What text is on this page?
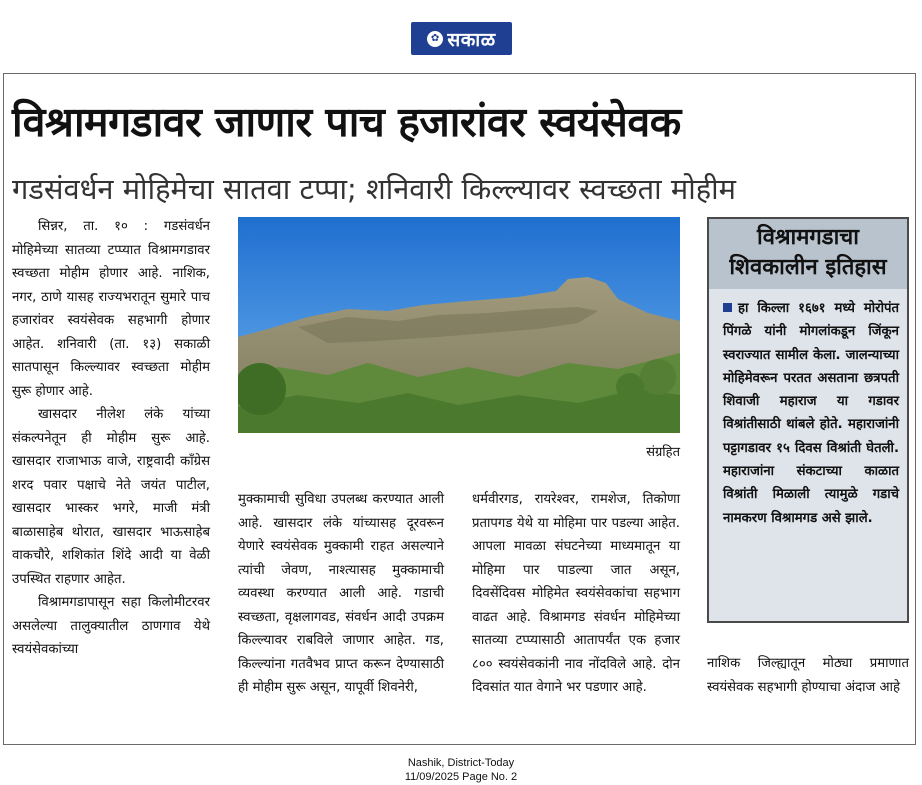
✿ सकाळ
विश्रामगडावर जाणार पाच हजारांवर स्वयंसेवक
गडसंवर्धन मोहिमेचा सातवा टप्पा; शनिवारी किल्ल्यावर स्वच्छता मोहीम

सिन्नर, ता. १० : गडसंवर्धन मोहिमेच्या सातव्या टप्प्यात विश्रामगडावर स्वच्छता मोहीम होणार आहे. नाशिक, नगर, ठाणे यासह राज्यभरातून सुमारे पाच हजारांवर स्वयंसेवक सहभागी होणार आहेत. शनिवारी (ता. १३) सकाळी सातपासून किल्ल्यावर स्वच्छता मोहीम सुरू होणार आहे.

खासदार नीलेश लंके यांच्या संकल्पनेतून ही मोहीम सुरू आहे. खासदार राजाभाऊ वाजे, राष्ट्रवादी कॉंग्रेस शरद पवार पक्षाचे नेते जयंत पाटील, खासदार भास्कर भगरे, माजी मंत्री बाळासाहेब थोरात, खासदार भाऊसाहेब वाकचौरे, शशिकांत शिंदे आदी या वेळी उपस्थित राहणार आहेत.

विश्रामगडापासून सहा किलोमीटरवर असलेल्या तालुक्यातील ठाणगाव येथे स्वयंसेवकांच्या

संग्रहित
मुक्कामाची सुविधा उपलब्ध करण्यात आली आहे. खासदार लंके यांच्यासह दूरवरून येणारे स्वयंसेवक मुक्कामी राहत असल्याने त्यांची जेवण, नाश्त्यासह मुक्कामाची व्यवस्था करण्यात आली आहे. गडाची स्वच्छता, वृक्षलागवड, संवर्धन आदी उपक्रम किल्ल्यावर राबविले जाणार आहेत. गड, किल्ल्यांना गतवैभव प्राप्त करून देण्यासाठी ही मोहीम सुरू असून, यापूर्वी शिवनेरी,
धर्मवीरगड, रायरेश्वर, रामशेज, तिकोणा प्रतापगड येथे या मोहिमा पार पडल्या आहेत. आपला मावळा संघटनेच्या माध्यमातून या मोहिमा पार पाडल्या जात असून, दिवसेंदिवस मोहिमेत स्वयंसेवकांचा सहभाग वाढत आहे. विश्रामगड संवर्धन मोहिमेच्या सातव्या टप्प्यासाठी आतापर्यंत एक हजार ८०० स्वयंसेवकांनी नाव नोंदविले आहे. दोन दिवसांत यात वेगाने भर पडणार आहे.
विश्रामगडाचा
शिवकालीन इतिहास
हा किल्ला १६७१ मध्ये मोरोपंत पिंगळे यांनी मोगलांकडून जिंकून स्वराज्यात सामील केला. जालन्याच्या मोहिमेवरून परतत असताना छत्रपती शिवाजी महाराज या गडावर विश्रांतीसाठी थांबले होते. महाराजांनी पट्टागडावर १५ दिवस विश्रांती घेतली. महाराजांना संकटाच्या काळात विश्रांती मिळाली त्यामुळे गडाचे नामकरण विश्रामगड असे झाले.
नाशिक जिल्ह्यातून मोठ्या प्रमाणात स्वयंसेवक सहभागी होण्याचा अंदाज आहे
Nashik, District-Today
11/09/2025 Page No. 2
